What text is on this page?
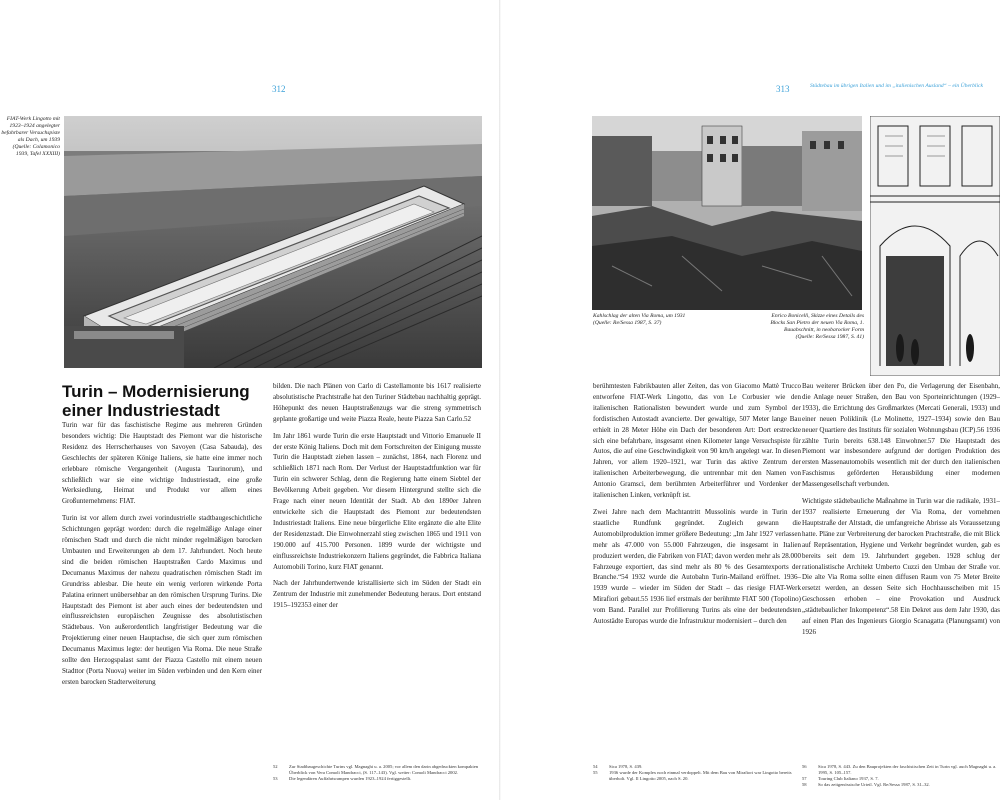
312
FIAT-Werk Lingotto mit 1923–1924 angelegter befahrbarer Versuchspiste als Dach, um 1939 (Quelle: Colamonico 1939, Tafel XXXIII)
Turin – Modernisierung einer Industriestadt

Turin war für das faschistische Regime aus mehreren Gründen besonders wichtig: Die Hauptstadt des Piemont war die historische Residenz des Herrscherhauses von Savoyen (Casa Sabauda), des Geschlechts der späteren Könige Italiens, sie hatte eine immer noch erlebbare römische Vergangenheit (Augusta Taurinorum), und schließlich war sie eine wichtige Industriestadt, eine große Werksiedlung, Heimat und Produkt vor allem eines Großunternehmens: FIAT.

Turin ist vor allem durch zwei vorindustrielle stadtbaugeschichtliche Schichtungen geprägt worden: durch die regelmäßige Anlage einer römischen Stadt und durch die nicht minder regelmäßigen barocken Umbauten und Erweiterungen ab dem 17. Jahrhundert. Noch heute sind die beiden römischen Hauptstraßen Cardo Maximus und Decumanus Maximus der nahezu quadratischen römischen Stadt im Grundriss ablesbar. Die heute ein wenig verloren wirkende Porta Palatina erinnert unübersehbar an den römischen Ursprung Turins. Die Hauptstadt des Piemont ist aber auch eines der bedeutendsten und einflussreichsten europäischen Zeugnisse des absolutistischen Städtebaus. Von außerordentlich langfristiger Bedeutung war die Projektierung einer neuen Hauptachse, die sich quer zum römischen Decumanus Maximus legte: der heutigen Via Roma. Die neue Straße sollte den Herzogspalast samt der Piazza Castello mit einem neuen Stadttor (Porta Nuova) weiter im Süden verbinden und den Kern einer ersten barocken Stadterweiterung

bilden. Die nach Plänen von Carlo di Castellamonte bis 1617 realisierte absolutistische Prachtstraße hat den Turiner Städtebau nachhaltig geprägt. Höhepunkt des neuen Hauptstraßenzugs war die streng symmetrisch geplante großartige und weite Piazza Reale, heute Piazza San Carlo.52

Im Jahr 1861 wurde Turin die erste Hauptstadt und Vittorio Emanuele II der erste König Italiens. Doch mit dem Fortschreiten der Einigung musste Turin die Hauptstadt ziehen lassen – zunächst, 1864, nach Florenz und schließlich 1871 nach Rom. Der Verlust der Hauptstadtfunktion war für Turin ein schwerer Schlag, denn die Regierung hatte einem Siebtel der Bevölkerung Arbeit gegeben. Vor diesem Hintergrund stellte sich die Frage nach einer neuen Identität der Stadt. Ab den 1890er Jahren entwickelte sich die Hauptstadt des Piemont zur bedeutendsten Industriestadt Italiens. Eine neue bürgerliche Elite ergänzte die alte Elite der Residenzstadt. Die Einwohnerzahl stieg zwischen 1865 und 1911 von 190.000 auf 415.700 Personen. 1899 wurde der wichtigste und einflussreichste Industriekonzern Italiens gegründet, die Fabbrica Italiana Automobili Torino, kurz FIAT genannt.

Nach der Jahrhundertwende kristallisierte sich im Süden der Stadt ein Zentrum der Industrie mit zunehmender Bedeutung heraus. Dort entstand 1915–192353 einer der

52	Zur Stadtbaugeschichte Turins vgl. Magnaghi u. a. 2005; vor allem den darin abgedruckten kompakten Überblick von Vera Comoli Mandracci, (S. 117–143). Vgl. weiter: Comoli Mandracci 2002.
53	Die legendären Auffahrtsrampen wurden 1923–1924 fertiggestellt.
313	Städtebau im übrigen Italien und im „italienischen Ausland“ – ein Überblick
Kahlschlag der alten Via Roma, um 1931 (Quelle: Re/Sessa 1987, S. 37)
Enrico Bonicelli, Skizze eines Details des Blocks San Pietro der neuen Via Roma, 1. Bauabschnitt, in neobarocker Form (Quelle: Re/Sessa 1987, S. 41)

berühmtesten Fabrikbauten aller Zeiten, das von Giacomo Mattè Trucco entworfene FIAT-Werk Lingotto, das von Le Corbusier wie den italienischen Rationalisten bewundert wurde und zum Symbol der fordistischen Autostadt avancierte. Der gewaltige, 507 Meter lange Bau erhielt in 28 Meter Höhe ein Dach der besonderen Art: Dort erstreckte sich eine befahrbare, insgesamt einen Kilometer lange Versuchspiste für Autos, die auf eine Geschwindigkeit von 90 km/h angelegt war. In diesen Jahren, vor allem 1920–1921, war Turin das aktive Zentrum der italienischen Arbeiterbewegung, die untrennbar mit den Namen von Antonio Gramsci, dem berühmten Arbeiterführer und Vordenker der italienischen Linken, verknüpft ist.

Zwei Jahre nach dem Machtantritt Mussolinis wurde in Turin der staatliche Rundfunk gegründet. Zugleich gewann die Automobilproduktion immer größere Bedeutung: „Im Jahr 1927 verlassen mehr als 47.000 von 55.000 Fahrzeugen, die insgesamt in Italien produziert werden, die Fabriken von FIAT; davon werden mehr als 28.000 Fahrzeuge exportiert, das sind mehr als 80 % des Gesamtexports der Branche.“54 1932 wurde die Autobahn Turin-Mailand eröffnet. 1936–1939 wurde – wieder im Süden der Stadt – das riesige FIAT-Werk Mirafiori gebaut.55 1936 lief erstmals der berühmte FIAT 500 (Topolino) vom Band. Parallel zur Profilierung Turins als eine der bedeutendsten Autostädte Europas wurde die Infrastruktur modernisiert – durch den

Bau weiterer Brücken über den Po, die Verlagerung der Eisenbahn, die Anlage neuer Straßen, den Bau von Sporteinrichtungen (1929–1933), die Errichtung des Großmarktes (Mercati Generali, 1933) und einer neuen Poliklinik (Le Molinette, 1927–1934) sowie den Bau neuer Quartiere des Instituts für sozialen Wohnungsbau (ICP).56 1936 zählte Turin bereits 638.148 Einwohner.57 Die Hauptstadt des Piemont war insbesondere aufgrund der dortigen Produktion des ersten Massenautomobils wesentlich mit der durch den italienischen Faschismus geförderten Herausbildung einer modernen Massengesellschaft verbunden.

Wichtigste städtebauliche Maßnahme in Turin war die radikale, 1931–1937 realisierte Erneuerung der Via Roma, der vornehmen Hauptstraße der Altstadt, die umfangreiche Abrisse als Voraussetzung hatte. Pläne zur Verbreiterung der barocken Prachtstraße, die mit Blick auf Repräsentation, Hygiene und Verkehr begründet wurden, gab es bereits seit dem 19. Jahrhundert gegeben. 1928 schlug der rationalistische Architekt Umberto Cuzzi den Umbau der Straße vor. Die alte Via Roma sollte einen diffusen Raum von 75 Meter Breite ersetzt werden, an dessen Seite sich Hochhausscheiben mit 15 Geschossen erhoben – eine Provokation und Ausdruck „städtebaulicher Inkompetenz“.58 Ein Dekret aus dem Jahr 1930, das auf einen Plan des Ingenieurs Giorgio Scanagatta (Planungsamt) von 1926

54	Sica 1978, S. 439.
55	1936 wurde der Komplex noch einmal verdoppelt. Mit dem Bau von Mirafiori war Lingotto bereits überholt. Vgl. Il Lingotto 2005, nach S. 20.
56	Sica 1978, S. 443. Zu den Bauprojekten der faschistischen Zeit in Turin vgl. auch Magnaghi u. a. 1995, S. 105–157.
57	Touring Club Italiano 1937, S. 7.
58	So das zeitgenössische Urteil. Vgl. Re/Sessa 1987, S. 31–32.
